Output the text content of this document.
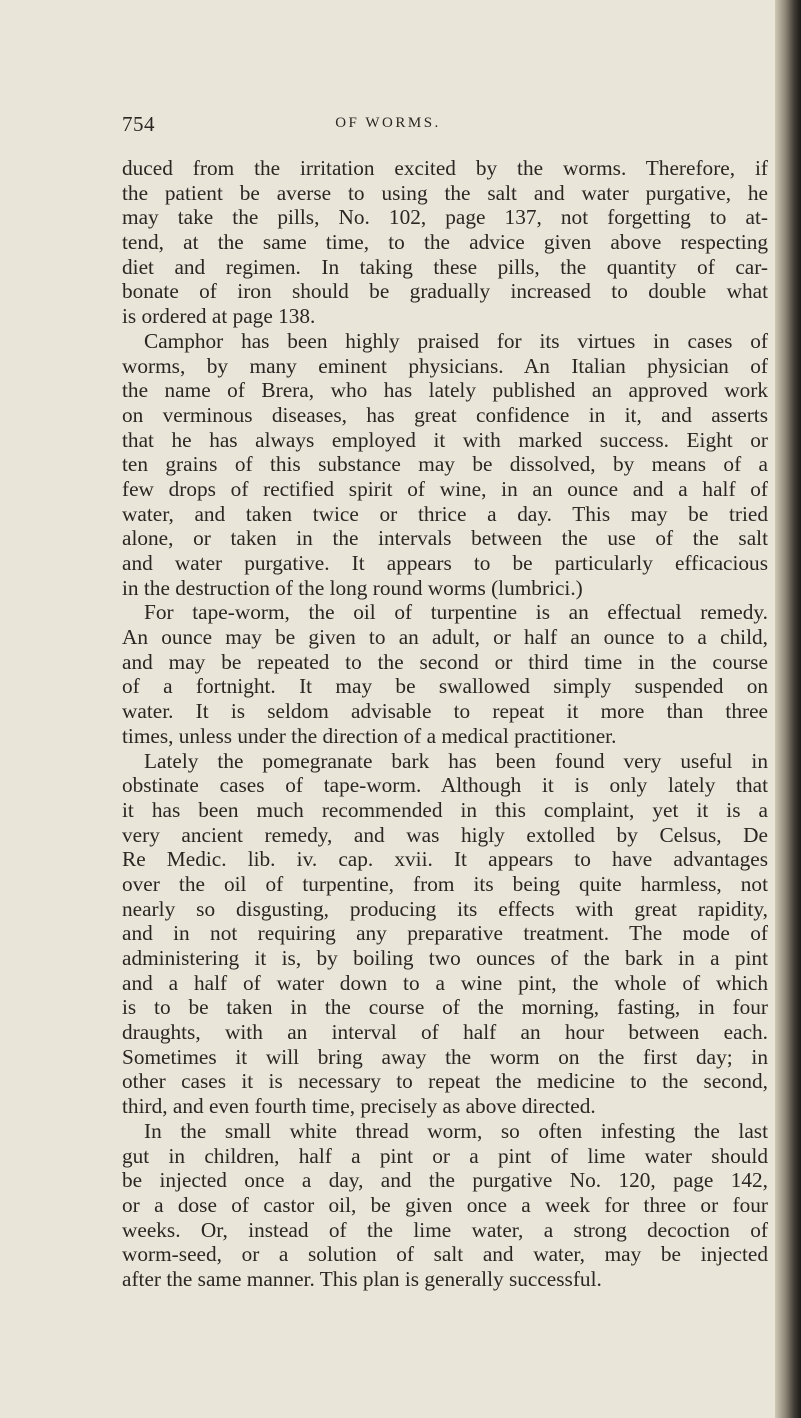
754	OF WORMS.
duced from the irritation excited by the worms. Therefore, if
the patient be averse to using the salt and water purgative, he
may take the pills, No. 102, page 137, not forgetting to at-
tend, at the same time, to the advice given above respecting
diet and regimen. In taking these pills, the quantity of car-
bonate of iron should be gradually increased to double what
is ordered at page 138.
Camphor has been highly praised for its virtues in cases of
worms, by many eminent physicians. An Italian physician of
the name of Brera, who has lately published an approved work
on verminous diseases, has great confidence in it, and asserts
that he has always employed it with marked success. Eight or
ten grains of this substance may be dissolved, by means of a
few drops of rectified spirit of wine, in an ounce and a half of
water, and taken twice or thrice a day. This may be tried
alone, or taken in the intervals between the use of the salt
and water purgative. It appears to be particularly efficacious
in the destruction of the long round worms (lumbrici.)
For tape-worm, the oil of turpentine is an effectual remedy.
An ounce may be given to an adult, or half an ounce to a child,
and may be repeated to the second or third time in the course
of a fortnight. It may be swallowed simply suspended on
water. It is seldom advisable to repeat it more than three
times, unless under the direction of a medical practitioner.
Lately the pomegranate bark has been found very useful in
obstinate cases of tape-worm. Although it is only lately that
it has been much recommended in this complaint, yet it is a
very ancient remedy, and was higly extolled by Celsus, De
Re Medic. lib. iv. cap. xvii. It appears to have advantages
over the oil of turpentine, from its being quite harmless, not
nearly so disgusting, producing its effects with great rapidity,
and in not requiring any preparative treatment. The mode of
administering it is, by boiling two ounces of the bark in a pint
and a half of water down to a wine pint, the whole of which
is to be taken in the course of the morning, fasting, in four
draughts, with an interval of half an hour between each.
Sometimes it will bring away the worm on the first day; in
other cases it is necessary to repeat the medicine to the second,
third, and even fourth time, precisely as above directed.
In the small white thread worm, so often infesting the last
gut in children, half a pint or a pint of lime water should
be injected once a day, and the purgative No. 120, page 142,
or a dose of castor oil, be given once a week for three or four
weeks. Or, instead of the lime water, a strong decoction of
worm-seed, or a solution of salt and water, may be injected
after the same manner. This plan is generally successful.
